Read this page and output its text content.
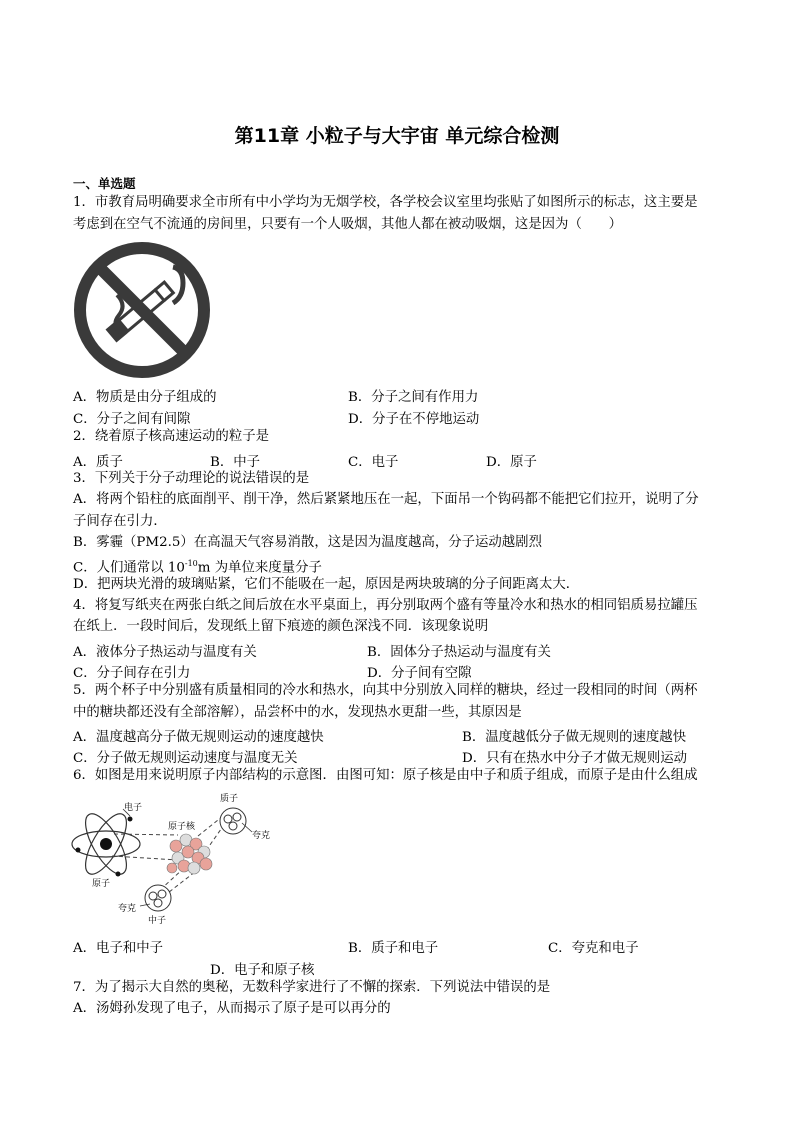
第11章 小粒子与大宇宙 单元综合检测
一、单选题
1．市教育局明确要求全市所有中小学均为无烟学校，各学校会议室里均张贴了如图所示的标志，这主要是
考虑到在空气不流通的房间里，只要有一个人吸烟，其他人都在被动吸烟，这是因为（　　）
A．物质是由分子组成的	B．分子之间有作用力
C．分子之间有间隙	D．分子在不停地运动
2．绕着原子核高速运动的粒子是
A．质子	B．中子	C．电子	D．原子
3．下列关于分子动理论的说法错误的是
A．将两个铅柱的底面削平、削干净，然后紧紧地压在一起，下面吊一个钩码都不能把它们拉开，说明了分
子间存在引力．
B．雾霾（PM2.5）在高温天气容易消散，这是因为温度越高，分子运动越剧烈
C．人们通常以 $10^{-10}m$ 为单位来度量分子
D．把两块光滑的玻璃贴紧，它们不能吸在一起，原因是两块玻璃的分子间距离太大．
4．将复写纸夹在两张白纸之间后放在水平桌面上，再分别取两个盛有等量冷水和热水的相同铝质易拉罐压
在纸上．一段时间后，发现纸上留下痕迹的颜色深浅不同．该现象说明
A．液体分子热运动与温度有关	B．固体分子热运动与温度有关
C．分子间存在引力	D．分子间有空隙
5．两个杯子中分别盛有质量相同的冷水和热水，向其中分别放入同样的糖块，经过一段相同的时间（两杯
中的糖块都还没有全部溶解），品尝杯中的水，发现热水更甜一些，其原因是
A．温度越高分子做无规则运动的速度越快	B．温度越低分子做无规则的速度越快
C．分子做无规则运动速度与温度无关	D．只有在热水中分子才做无规则运动
6．如图是用来说明原子内部结构的示意图．由图可知：原子核是由中子和质子组成，而原子是由什么组成
电子
原子核
质子
夸克
原子
夸克
中子
A．电子和中子	B．质子和电子	C．夸克和电子
D．电子和原子核
7．为了揭示大自然的奥秘，无数科学家进行了不懈的探索．下列说法中错误的是
A．汤姆孙发现了电子，从而揭示了原子是可以再分的
